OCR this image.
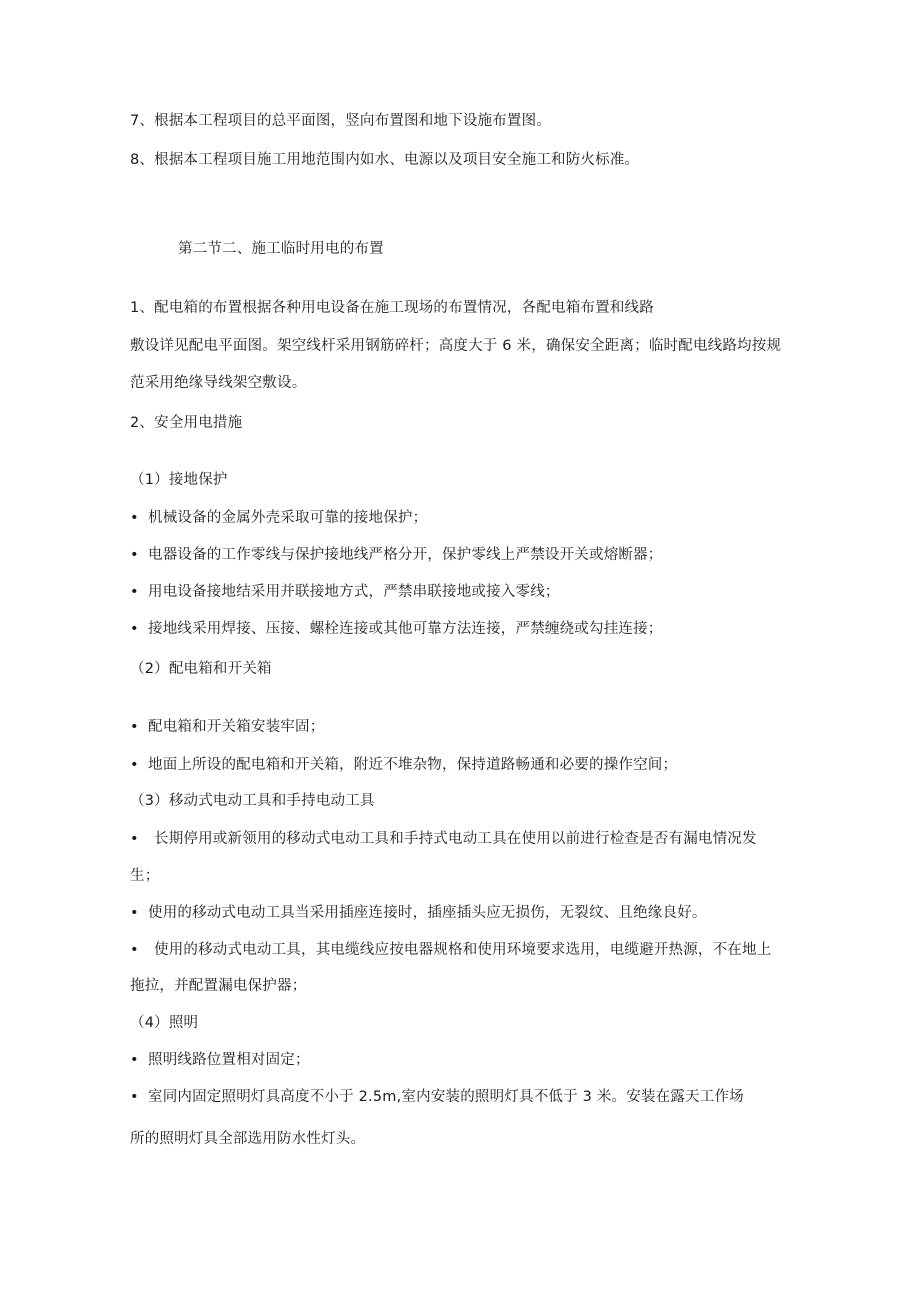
7、根据本工程项目的总平面图，竖向布置图和地下设施布置图。
8、根据本工程项目施工用地范围内如水、电源以及项目安全施工和防火标准。
第二节二、施工临时用电的布置
1、配电箱的布置根据各种用电设备在施工现场的布置情况，各配电箱布置和线路
敷设详见配电平面图。架空线杆采用钢筋碎杆；高度大于 6 米，确保安全距离；临时配电线路均按规
范采用绝缘导线架空敷设。
2、安全用电措施
（1）接地保护
• 机械设备的金属外壳采取可靠的接地保护；
• 电器设备的工作零线与保护接地线严格分开，保护零线上严禁设开关或熔断器；
• 用电设备接地结采用并联接地方式，严禁串联接地或接入零线；
• 接地线采用焊接、压接、螺栓连接或其他可靠方法连接，严禁缠绕或勾挂连接；
（2）配电箱和开关箱
• 配电箱和开关箱安装牢固；
• 地面上所设的配电箱和开关箱，附近不堆杂物，保持道路畅通和必要的操作空间；
（3）移动式电动工具和手持电动工具
• 长期停用或新领用的移动式电动工具和手持式电动工具在使用以前进行检查是否有漏电情况发
生；
• 使用的移动式电动工具当采用插座连接时，插座插头应无损伤，无裂纹、且绝缘良好。
• 使用的移动式电动工具，其电缆线应按电器规格和使用环境要求选用，电缆避开热源，不在地上
拖拉，并配置漏电保护器；
（4）照明
• 照明线路位置相对固定；
• 室同内固定照明灯具高度不小于 2.5m,室内安装的照明灯具不低于 3 米。安装在露天工作场
所的照明灯具全部选用防水性灯头。
